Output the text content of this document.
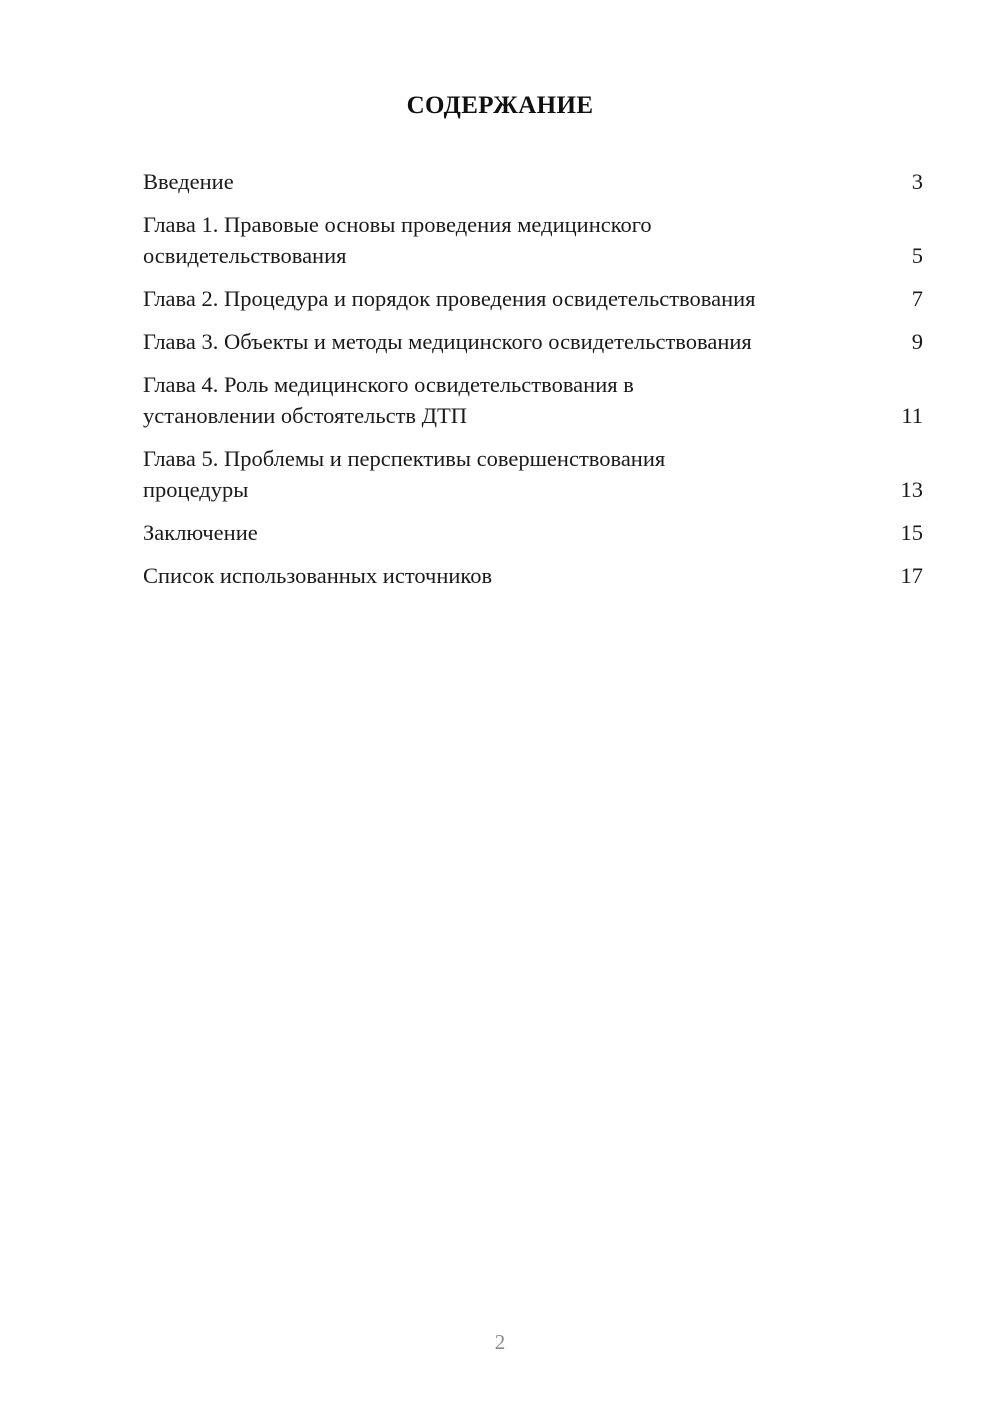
СОДЕРЖАНИЕ
Введение	3
Глава 1. Правовые основы проведения медицинского освидетельствования	5
Глава 2. Процедура и порядок проведения освидетельствования	7
Глава 3. Объекты и методы медицинского освидетельствования	9
Глава 4. Роль медицинского освидетельствования в установлении обстоятельств ДТП	11
Глава 5. Проблемы и перспективы совершенствования процедуры	13
Заключение	15
Список использованных источников	17
2
